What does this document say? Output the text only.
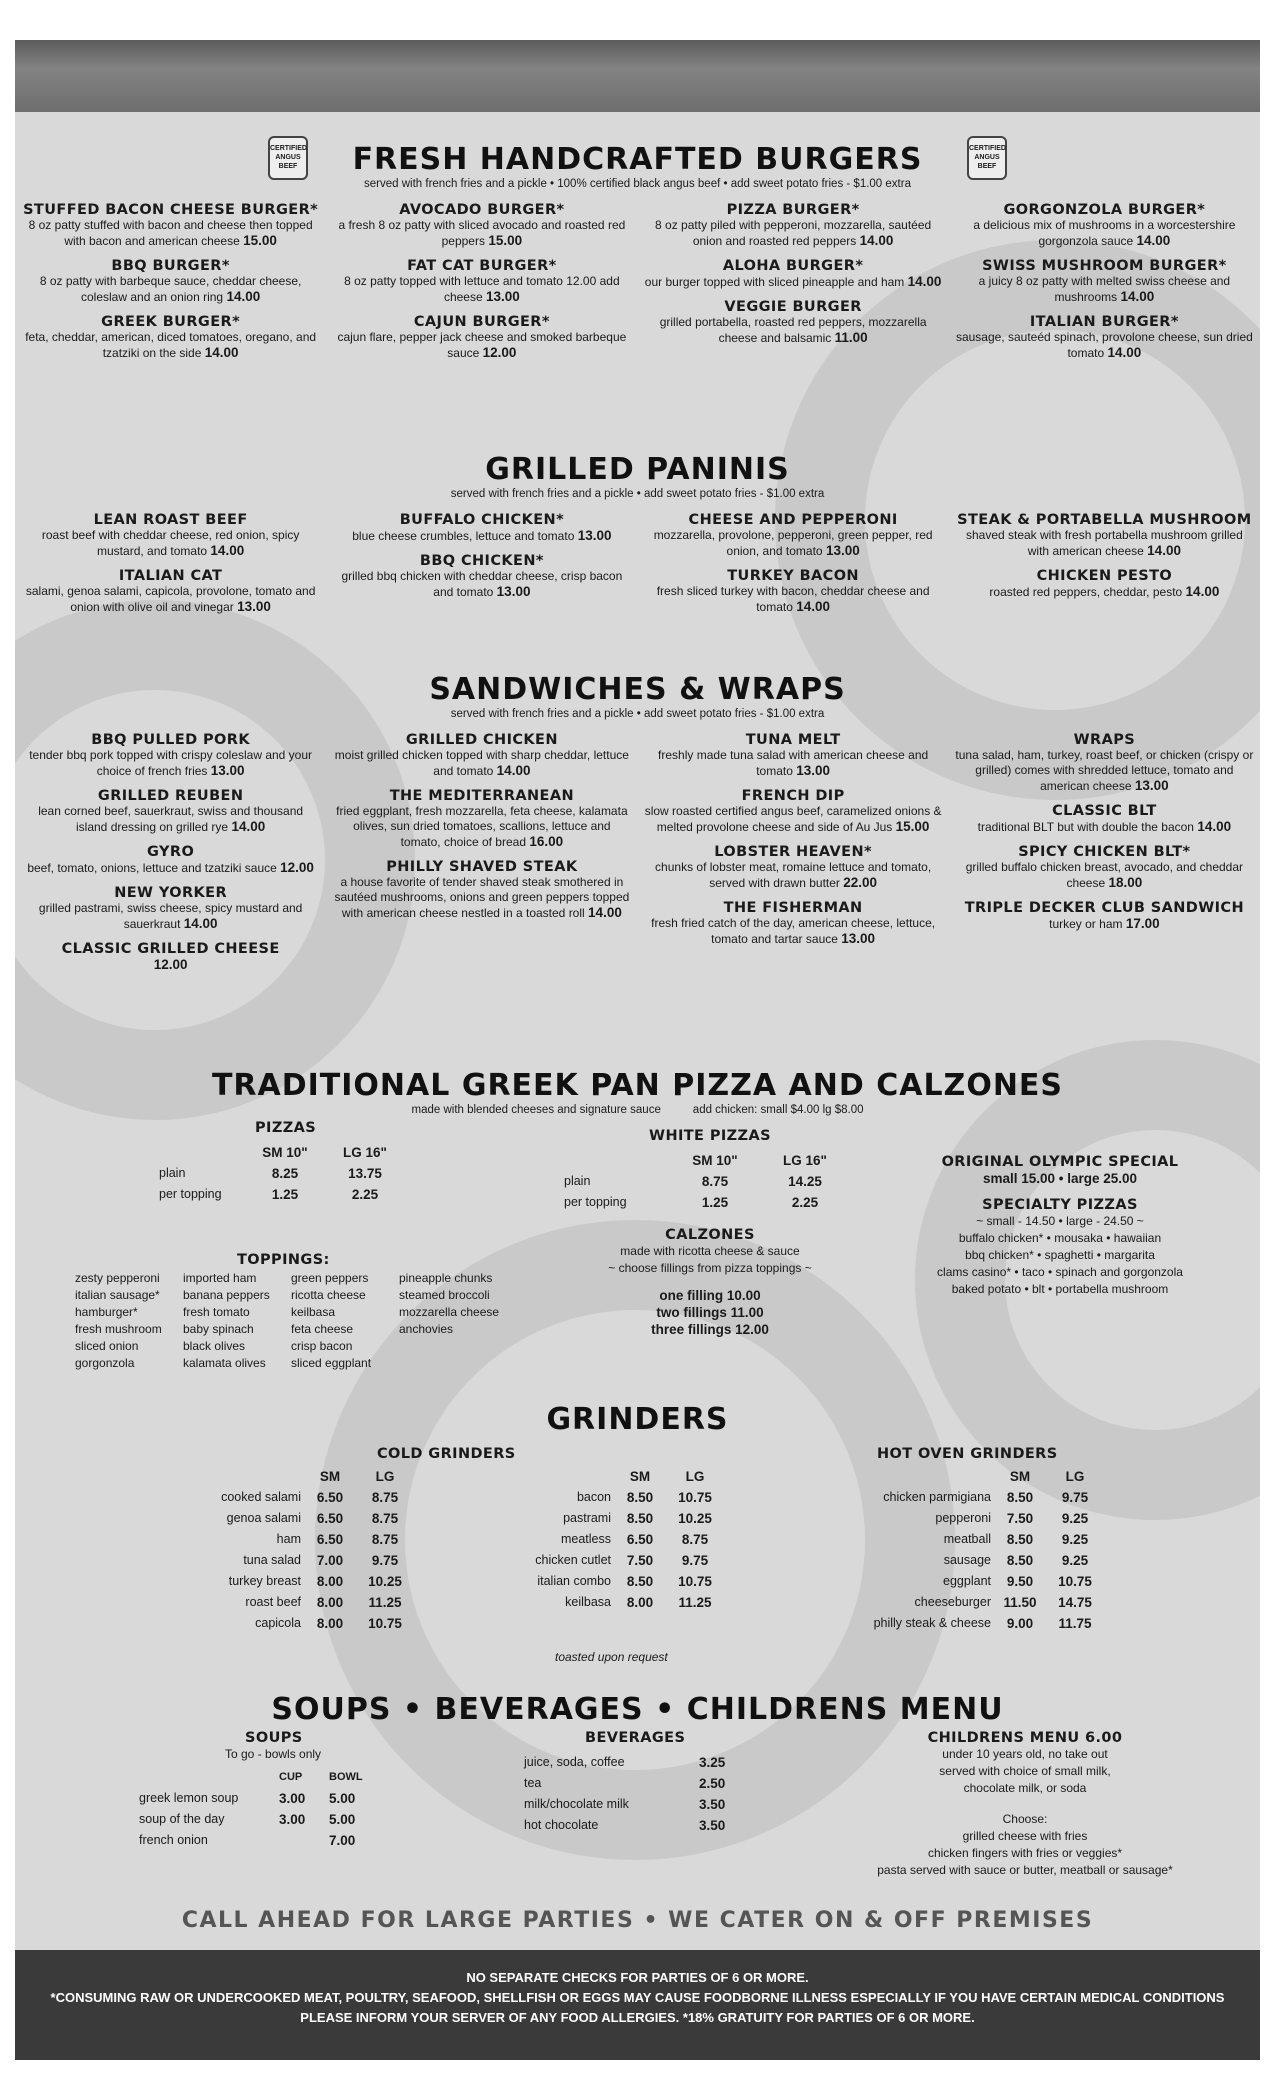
CERTIFIED ANGUS BEEF
CERTIFIED ANGUS BEEF
FRESH HANDCRAFTED BURGERS
served with french fries and a pickle • 100% certified black angus beef • add sweet potato fries - $1.00 extra
STUFFED BACON CHEESE BURGER*
8 oz patty stuffed with bacon and cheese then topped with bacon and american cheese 15.00
BBQ BURGER*
8 oz patty with barbeque sauce, cheddar cheese, coleslaw and an onion ring 14.00
GREEK BURGER*
feta, cheddar, american, diced tomatoes, oregano, and tzatziki on the side 14.00
AVOCADO BURGER*
a fresh 8 oz patty with sliced avocado and roasted red peppers 15.00
FAT CAT BURGER*
8 oz patty topped with lettuce and tomato 12.00 add cheese 13.00
CAJUN BURGER*
cajun flare, pepper jack cheese and smoked barbeque sauce 12.00
PIZZA BURGER*
8 oz patty piled with pepperoni, mozzarella, sautéed onion and roasted red peppers 14.00
ALOHA BURGER*
our burger topped with sliced pineapple and ham 14.00
VEGGIE BURGER
grilled portabella, roasted red peppers, mozzarella cheese and balsamic 11.00
GORGONZOLA BURGER*
a delicious mix of mushrooms in a worcestershire gorgonzola sauce 14.00
SWISS MUSHROOM BURGER*
a juicy 8 oz patty with melted swiss cheese and mushrooms 14.00
ITALIAN BURGER*
sausage, sauteéd spinach, provolone cheese, sun dried tomato 14.00
GRILLED PANINIS
served with french fries and a pickle • add sweet potato fries - $1.00 extra
LEAN ROAST BEEF
roast beef with cheddar cheese, red onion, spicy mustard, and tomato 14.00
ITALIAN CAT
salami, genoa salami, capicola, provolone, tomato and onion with olive oil and vinegar 13.00
BUFFALO CHICKEN*
blue cheese crumbles, lettuce and tomato 13.00
BBQ CHICKEN*
grilled bbq chicken with cheddar cheese, crisp bacon and tomato 13.00
CHEESE AND PEPPERONI
mozzarella, provolone, pepperoni, green pepper, red onion, and tomato 13.00
TURKEY BACON
fresh sliced turkey with bacon, cheddar cheese and tomato 14.00
STEAK & PORTABELLA MUSHROOM
shaved steak with fresh portabella mushroom grilled with american cheese 14.00
CHICKEN PESTO
roasted red peppers, cheddar, pesto 14.00
SANDWICHES & WRAPS
served with french fries and a pickle • add sweet potato fries - $1.00 extra
BBQ PULLED PORK
tender bbq pork topped with crispy coleslaw and your choice of french fries 13.00
GRILLED REUBEN
lean corned beef, sauerkraut, swiss and thousand island dressing on grilled rye 14.00
GYRO
beef, tomato, onions, lettuce and tzatziki sauce 12.00
NEW YORKER
grilled pastrami, swiss cheese, spicy mustard and sauerkraut 14.00
CLASSIC GRILLED CHEESE
12.00
GRILLED CHICKEN
moist grilled chicken topped with sharp cheddar, lettuce and tomato 14.00
THE MEDITERRANEAN
fried eggplant, fresh mozzarella, feta cheese, kalamata olives, sun dried tomatoes, scallions, lettuce and tomato, choice of bread 16.00
PHILLY SHAVED STEAK
a house favorite of tender shaved steak smothered in sautéed mushrooms, onions and green peppers topped with american cheese nestled in a toasted roll 14.00
TUNA MELT
freshly made tuna salad with american cheese and tomato 13.00
FRENCH DIP
slow roasted certified angus beef, caramelized onions & melted provolone cheese and side of Au Jus 15.00
LOBSTER HEAVEN*
chunks of lobster meat, romaine lettuce and tomato, served with drawn butter 22.00
THE FISHERMAN
fresh fried catch of the day, american cheese, lettuce, tomato and tartar sauce 13.00
WRAPS
tuna salad, ham, turkey, roast beef, or chicken (crispy or grilled) comes with shredded lettuce, tomato and american cheese 13.00
CLASSIC BLT
traditional BLT but with double the bacon 14.00
SPICY CHICKEN BLT*
grilled buffalo chicken breast, avocado, and cheddar cheese 18.00
TRIPLE DECKER CLUB SANDWICH
turkey or ham 17.00
TRADITIONAL GREEK PAN PIZZA AND CALZONES
made with blended cheeses and signature sauce	add chicken: small $4.00 lg $8.00
PIZZAS
	SM 10"	LG 16"
plain	8.25	13.75
per topping	1.25	2.25
TOPPINGS:
zesty pepperoni
italian sausage*
hamburger*
fresh mushroom
sliced onion
gorgonzola
imported ham
banana peppers
fresh tomato
baby spinach
black olives
kalamata olives
green peppers
ricotta cheese
keilbasa
feta cheese
crisp bacon
sliced eggplant
pineapple chunks
steamed broccoli
mozzarella cheese
anchovies
WHITE PIZZAS
	SM 10"	LG 16"
plain	8.75	14.25
per topping	1.25	2.25
CALZONES
made with ricotta cheese & sauce
~ choose fillings from pizza toppings ~
one filling 10.00
two fillings 11.00
three fillings 12.00
ORIGINAL OLYMPIC SPECIAL
small 15.00 • large 25.00
SPECIALTY PIZZAS
~ small - 14.50 • large - 24.50 ~
buffalo chicken* • mousaka • hawaiian
bbq chicken* • spaghetti • margarita
clams casino* • taco • spinach and gorgonzola
baked potato • blt • portabella mushroom
GRINDERS
COLD GRINDERS	HOT OVEN GRINDERS
	SM	LG
cooked salami	6.50	8.75
genoa salami	6.50	8.75
ham	6.50	8.75
tuna salad	7.00	9.75
turkey breast	8.00	10.25
roast beef	8.00	11.25
capicola	8.00	10.75
	SM	LG
bacon	8.50	10.75
pastrami	8.50	10.25
meatless	6.50	8.75
chicken cutlet	7.50	9.75
italian combo	8.50	10.75
keilbasa	8.00	11.25
toasted upon request
	SM	LG
chicken parmigiana	8.50	9.75
pepperoni	7.50	9.25
meatball	8.50	9.25
sausage	8.50	9.25
eggplant	9.50	10.75
cheeseburger	11.50	14.75
philly steak & cheese	9.00	11.75
SOUPS • BEVERAGES • CHILDRENS MENU
SOUPS
To go - bowls only
	CUP	BOWL
greek lemon soup	3.00	5.00
soup of the day	3.00	5.00
french onion		7.00
BEVERAGES
juice, soda, coffee	3.25
tea	2.50
milk/chocolate milk	3.50
hot chocolate	3.50
CHILDRENS MENU 6.00
under 10 years old, no take out
served with choice of small milk,
chocolate milk, or soda
Choose:
grilled cheese with fries
chicken fingers with fries or veggies*
pasta served with sauce or butter, meatball or sausage*
CALL AHEAD FOR LARGE PARTIES • WE CATER ON & OFF PREMISES
NO SEPARATE CHECKS FOR PARTIES OF 6 OR MORE.
*CONSUMING RAW OR UNDERCOOKED MEAT, POULTRY, SEAFOOD, SHELLFISH OR EGGS MAY CAUSE FOODBORNE ILLNESS ESPECIALLY IF YOU HAVE CERTAIN MEDICAL CONDITIONS
PLEASE INFORM YOUR SERVER OF ANY FOOD ALLERGIES. *18% GRATUITY FOR PARTIES OF 6 OR MORE.
